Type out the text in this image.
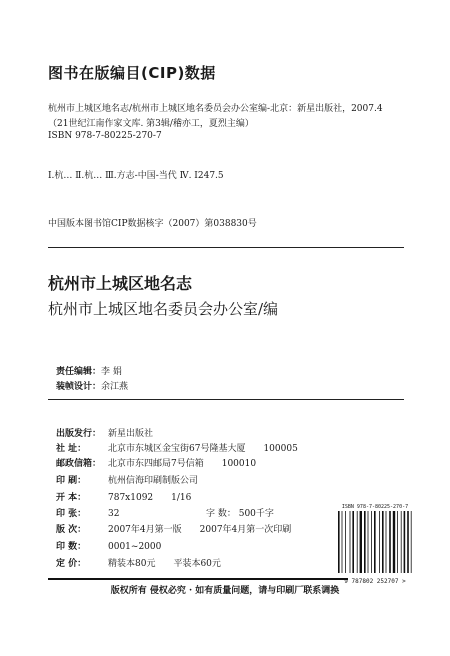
图书在版编目(CIP)数据
杭州市上城区地名志/杭州市上城区地名委员会办公室编-北京：新星出版社，2007.4
（21世纪江南作家文库. 第3辑/稽亦工，夏烈主编）
ISBN 978-7-80225-270-7
Ⅰ.杭… Ⅱ.杭… Ⅲ.方志-中国-当代 Ⅳ. Ⅰ247.5
中国版本图书馆CIP数据核字（2007）第038830号
杭州市上城区地名志
杭州市上城区地名委员会办公室/编
责任编辑：李 娟
装帧设计：余江燕
出版发行： 新星出版社
社 址： 北京市东城区金宝街67号隆基大厦 100005
邮政信箱： 北京市东四邮局7号信箱 100010
印 刷： 杭州信海印刷制版公司
开 本： 787x1092 1/16
印 张： 32	字 数： 500千字
版 次： 2007年4月第一版 2007年4月第一次印刷
印 数： 0001~2000
定 价： 精装本80元 平装本60元
ISBN 978-7-80225-270-7
9 787802 252707 >
版权所有 侵权必究 · 如有质量问题，请与印刷厂联系调换
